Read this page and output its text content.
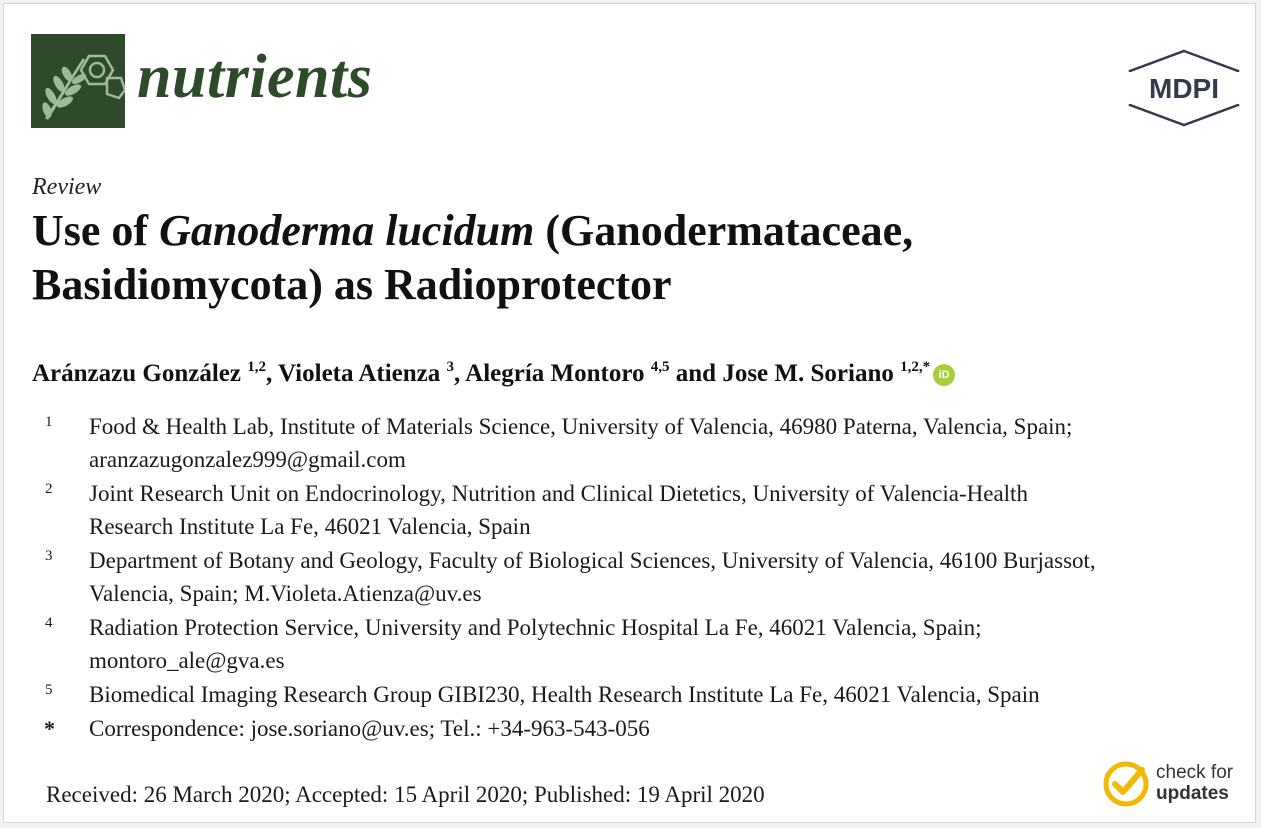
nutrients	MDPI
Review
Use of Ganoderma lucidum (Ganodermataceae,
Basidiomycota) as Radioprotector
Aránzazu González $^{1,2}$, Violeta Atienza $^3$, Alegría Montoro $^{4,5}$ and Jose M. Soriano $^{1,2,*}$ iD
1 Food & Health Lab, Institute of Materials Science, University of Valencia, 46980 Paterna, Valencia, Spain;
aranzazugonzalez999@gmail.com
2 Joint Research Unit on Endocrinology, Nutrition and Clinical Dietetics, University of Valencia-Health
Research Institute La Fe, 46021 Valencia, Spain
3 Department of Botany and Geology, Faculty of Biological Sciences, University of Valencia, 46100 Burjassot,
Valencia, Spain; M.Violeta.Atienza@uv.es
4 Radiation Protection Service, University and Polytechnic Hospital La Fe, 46021 Valencia, Spain;
montoro_ale@gva.es
5 Biomedical Imaging Research Group GIBI230, Health Research Institute La Fe, 46021 Valencia, Spain
* Correspondence: jose.soriano@uv.es; Tel.: +34-963-543-056
Received: 26 March 2020; Accepted: 15 April 2020; Published: 19 April 2020
check for
updates
